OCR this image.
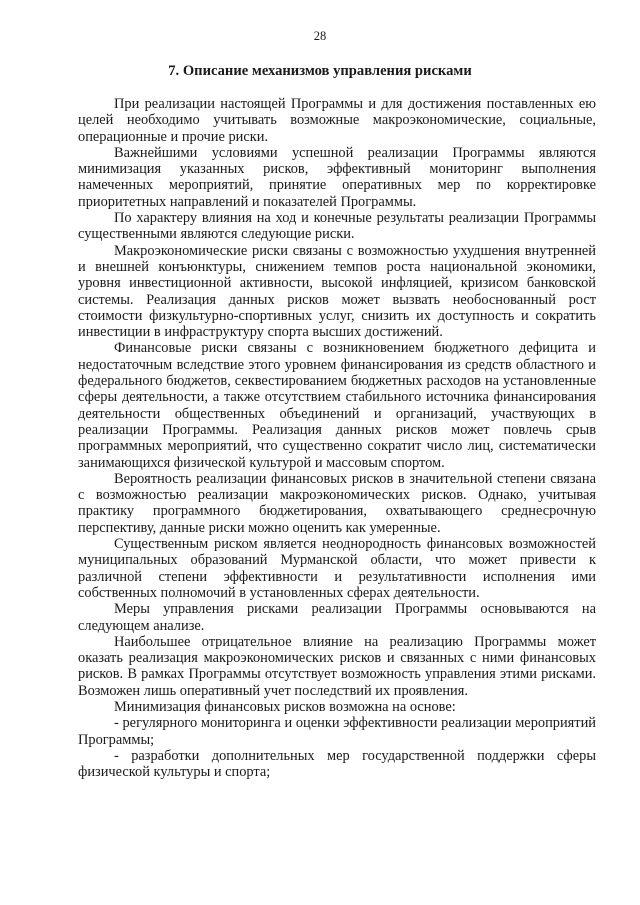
28
7. Описание механизмов управления рисками

При реализации настоящей Программы и для достижения поставленных ею целей необходимо учитывать возможные макроэкономические, социальные, операционные и прочие риски.

Важнейшими условиями успешной реализации Программы являются минимизация указанных рисков, эффективный мониторинг выполнения намеченных мероприятий, принятие оперативных мер по корректировке приоритетных направлений и показателей Программы.

По характеру влияния на ход и конечные результаты реализации Программы существенными являются следующие риски.

Макроэкономические риски связаны с возможностью ухудшения внутренней и внешней конъюнктуры, снижением темпов роста национальной экономики, уровня инвестиционной активности, высокой инфляцией, кризисом банковской системы. Реализация данных рисков может вызвать необоснованный рост стоимости физкультурно-спортивных услуг, снизить их доступность и сократить инвестиции в инфраструктуру спорта высших достижений.

Финансовые риски связаны с возникновением бюджетного дефицита и недостаточным вследствие этого уровнем финансирования из средств областного и федерального бюджетов, секвестированием бюджетных расходов на установленные сферы деятельности, а также отсутствием стабильного источника финансирования деятельности общественных объединений и организаций, участвующих в реализации Программы. Реализация данных рисков может повлечь срыв программных мероприятий, что существенно сократит число лиц, систематически занимающихся физической культурой и массовым спортом.

Вероятность реализации финансовых рисков в значительной степени связана с возможностью реализации макроэкономических рисков. Однако, учитывая практику программного бюджетирования, охватывающего среднесрочную перспективу, данные риски можно оценить как умеренные.

Существенным риском является неоднородность финансовых возможностей муниципальных образований Мурманской области, что может привести к различной степени эффективности и результативности исполнения ими собственных полномочий в установленных сферах деятельности.

Меры управления рисками реализации Программы основываются на следующем анализе.

Наибольшее отрицательное влияние на реализацию Программы может оказать реализация макроэкономических рисков и связанных с ними финансовых рисков. В рамках Программы отсутствует возможность управления этими рисками. Возможен лишь оперативный учет последствий их проявления.

Минимизация финансовых рисков возможна на основе:

- регулярного мониторинга и оценки эффективности реализации мероприятий Программы;

- разработки дополнительных мер государственной поддержки сферы физической культуры и спорта;
